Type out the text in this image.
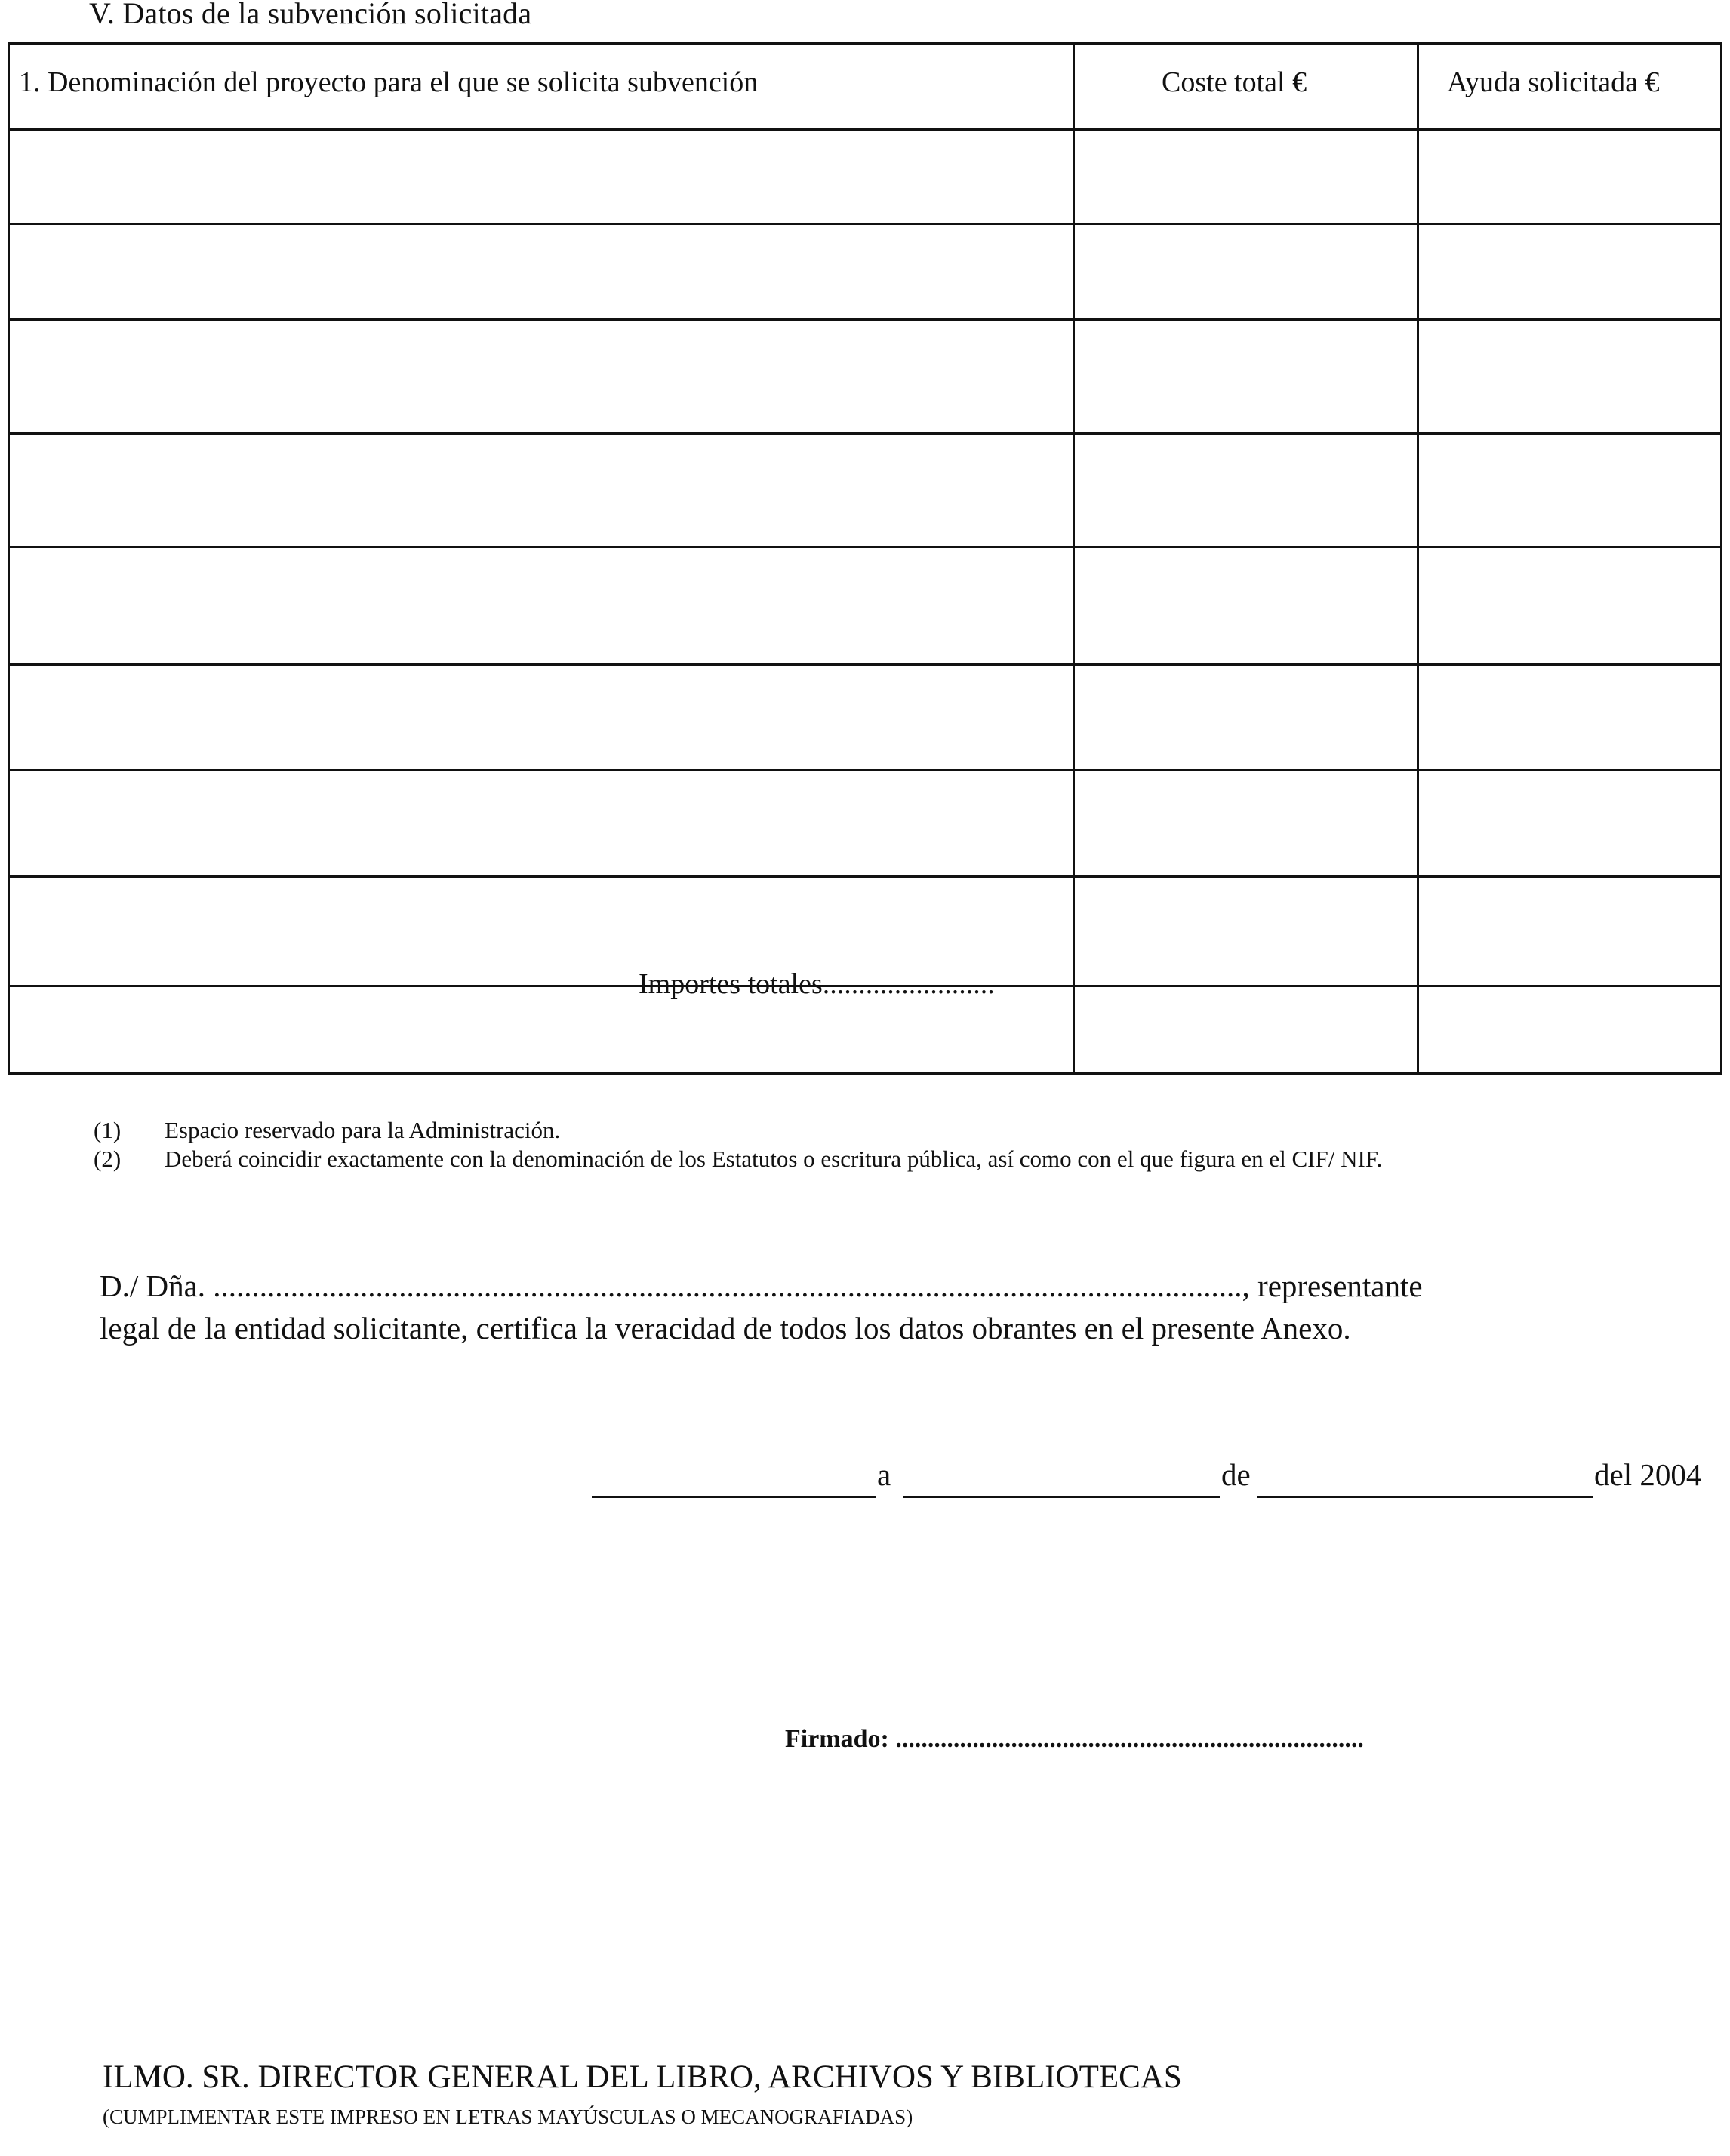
V. Datos de la subvención solicitada
1. Denominación del proyecto para el que se solicita subvención	Coste total €	Ayuda solicitada €
Importes totales........................
(1) Espacio reservado para la Administración.
(2) Deberá coincidir exactamente con la denominación de los Estatutos o escritura pública, así como con el que figura en el CIF/ NIF.
D./ Dña. ....................................................................................................................................., representante
legal de la entidad solicitante, certifica la veracidad de todos los datos obrantes en el presente Anexo.
a	de	del 2004
Firmado: .........................................................................
ILMO. SR. DIRECTOR GENERAL DEL LIBRO, ARCHIVOS Y BIBLIOTECAS
(CUMPLIMENTAR ESTE IMPRESO EN LETRAS MAYÚSCULAS O MECANOGRAFIADAS)
